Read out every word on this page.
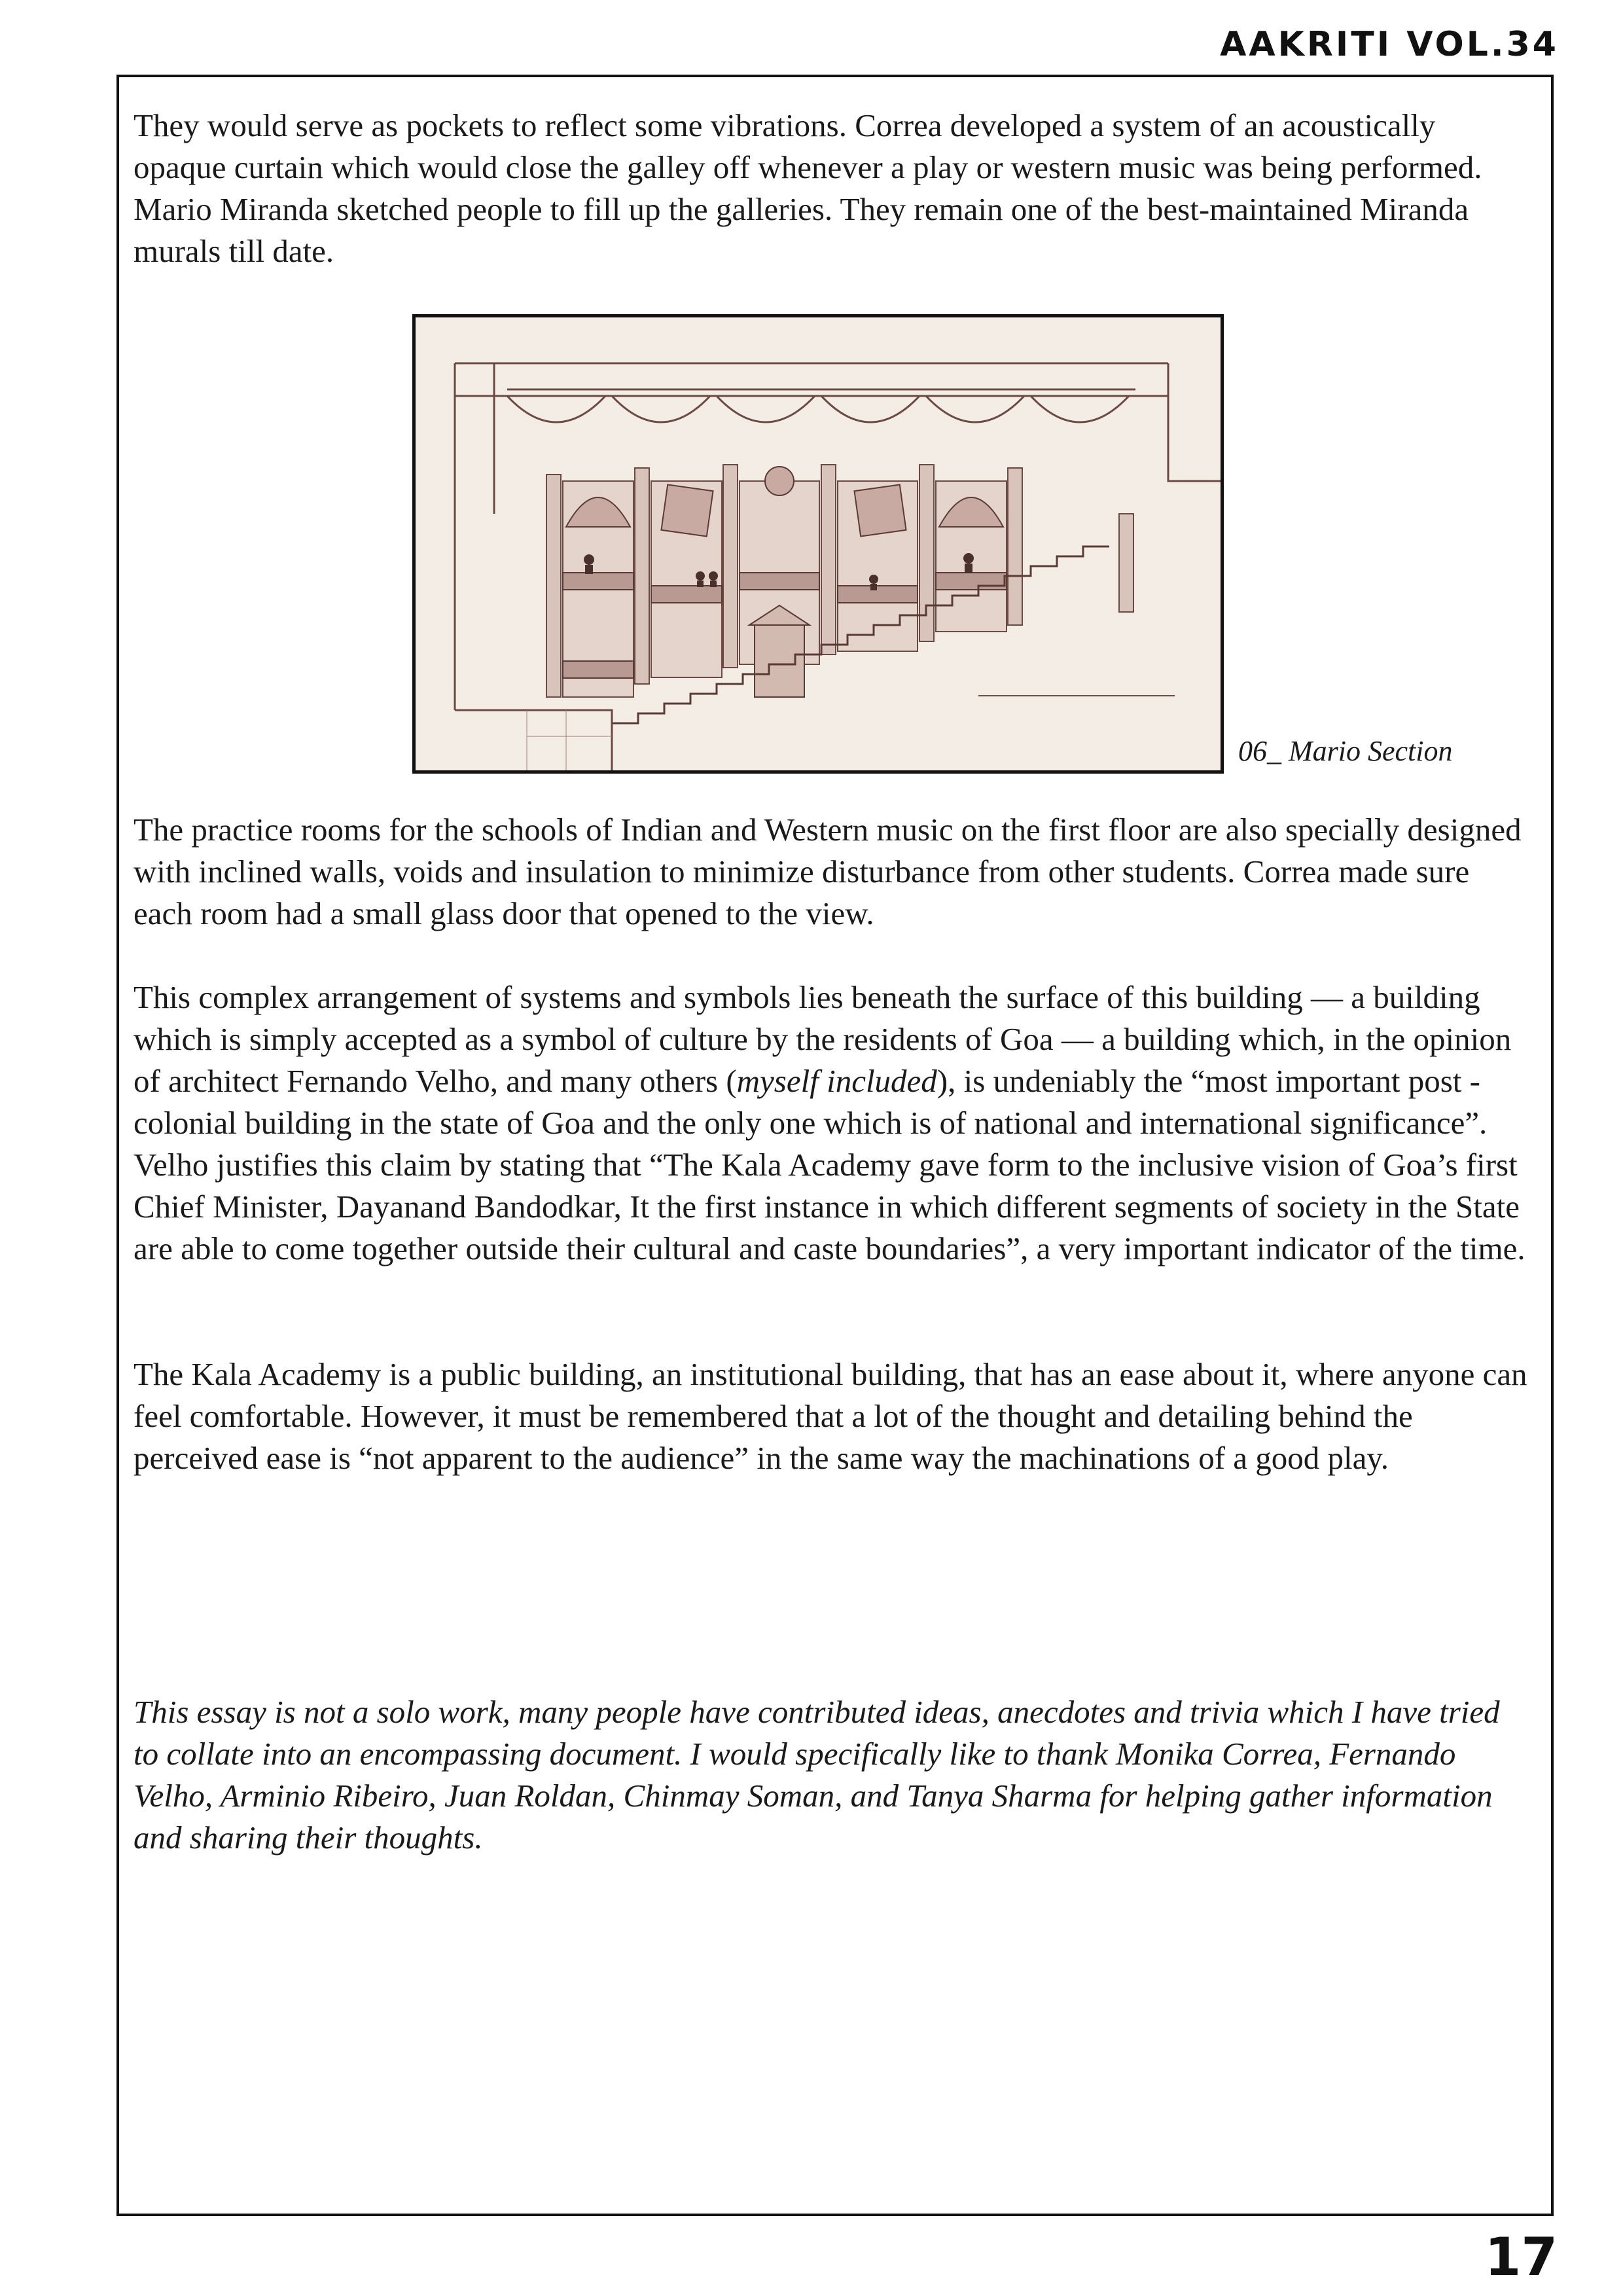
AAKRITI VOL.34

They would serve as pockets to reflect some vibrations. Correa developed a system of an acoustically opaque curtain which would close the galley off whenever a play or western music was being performed. Mario Miranda sketched people to fill up the galleries. They remain one of the best-maintained Miranda murals till date.

06_ Mario Section

The practice rooms for the schools of Indian and Western music on the first floor are also specially designed with inclined walls, voids and insulation to minimize disturbance from other students. Correa made sure each room had a small glass door that opened to the view.

This complex arrangement of systems and symbols lies beneath the surface of this building — a building which is simply accepted as a symbol of culture by the residents of Goa — a building which, in the opinion of architect Fernando Velho, and many others (myself included), is undeniably the “most important post - colonial building in the state of Goa and the only one which is of national and international significance”. Velho justifies this claim by stating that “The Kala Academy gave form to the inclusive vision of Goa’s first Chief Minister, Dayanand Bandodkar, It the first instance in which different segments of society in the State are able to come together outside their cultural and caste boundaries”, a very important indicator of the time.

The Kala Academy is a public building, an institutional building, that has an ease about it, where anyone can feel comfortable. However, it must be remembered that a lot of the thought and detailing behind the perceived ease is “not apparent to the audience” in the same way the machinations of a good play.

This essay is not a solo work, many people have contributed ideas, anecdotes and trivia which I have tried to collate into an encompassing document. I would specifically like to thank Monika Correa, Fernando Velho, Arminio Ribeiro, Juan Roldan, Chinmay Soman, and Tanya Sharma for helping gather information and sharing their thoughts.

17
